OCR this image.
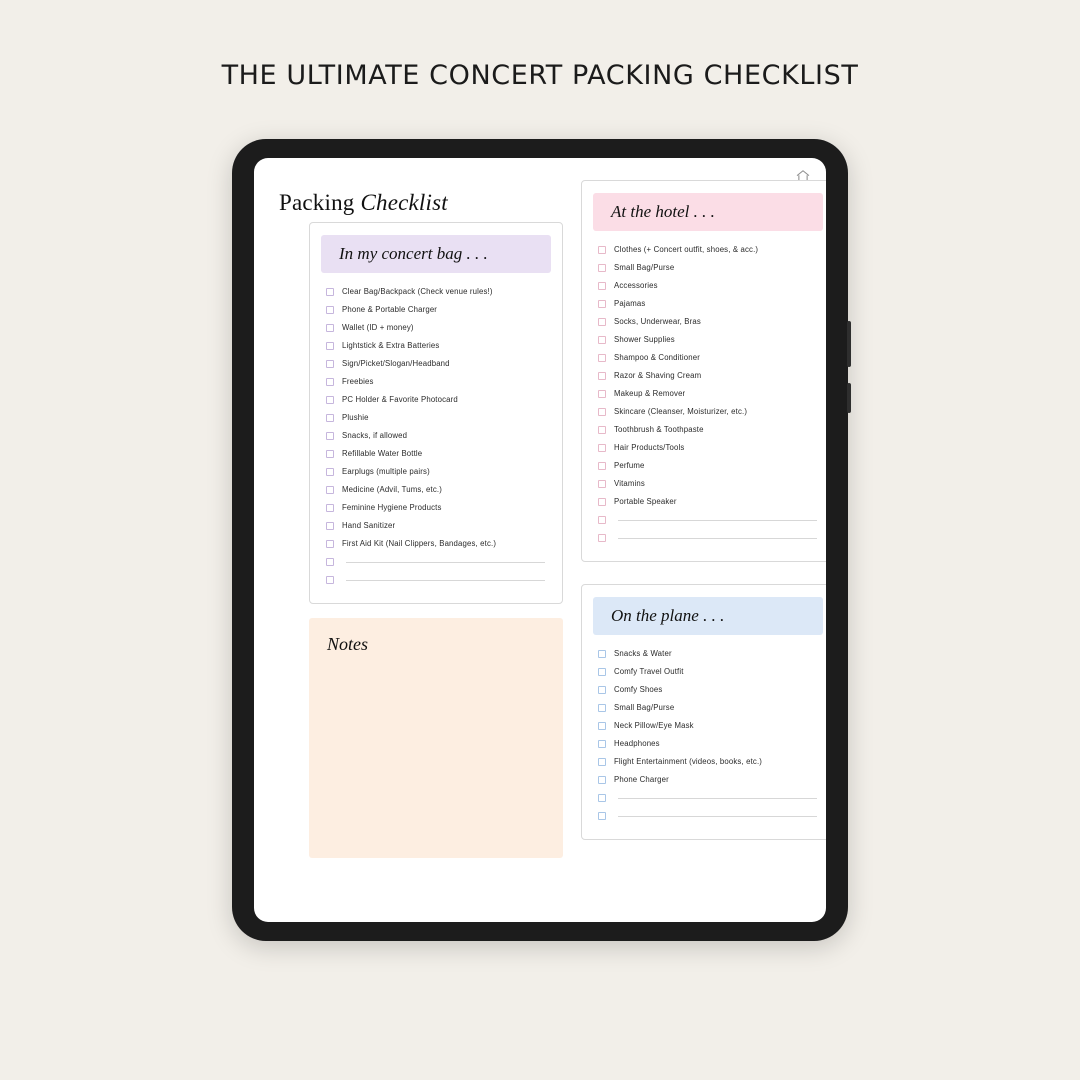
THE ULTIMATE CONCERT PACKING CHECKLIST
Packing Checklist
In my concert bag . . .
Clear Bag/Backpack (Check venue rules!)
Phone & Portable Charger
Wallet (ID + money)
Lightstick & Extra Batteries
Sign/Picket/Slogan/Headband
Freebies
PC Holder & Favorite Photocard
Plushie
Snacks, if allowed
Refillable Water Bottle
Earplugs (multiple pairs)
Medicine (Advil, Tums, etc.)
Feminine Hygiene Products
Hand Sanitizer
First Aid Kit (Nail Clippers, Bandages, etc.)
Notes
At the hotel . . .
Clothes (+ Concert outfit, shoes, & acc.)
Small Bag/Purse
Accessories
Pajamas
Socks, Underwear, Bras
Shower Supplies
Shampoo & Conditioner
Razor & Shaving Cream
Makeup & Remover
Skincare (Cleanser, Moisturizer, etc.)
Toothbrush & Toothpaste
Hair Products/Tools
Perfume
Vitamins
Portable Speaker
On the plane . . .
Snacks & Water
Comfy Travel Outfit
Comfy Shoes
Small Bag/Purse
Neck Pillow/Eye Mask
Headphones
Flight Entertainment (videos, books, etc.)
Phone Charger
